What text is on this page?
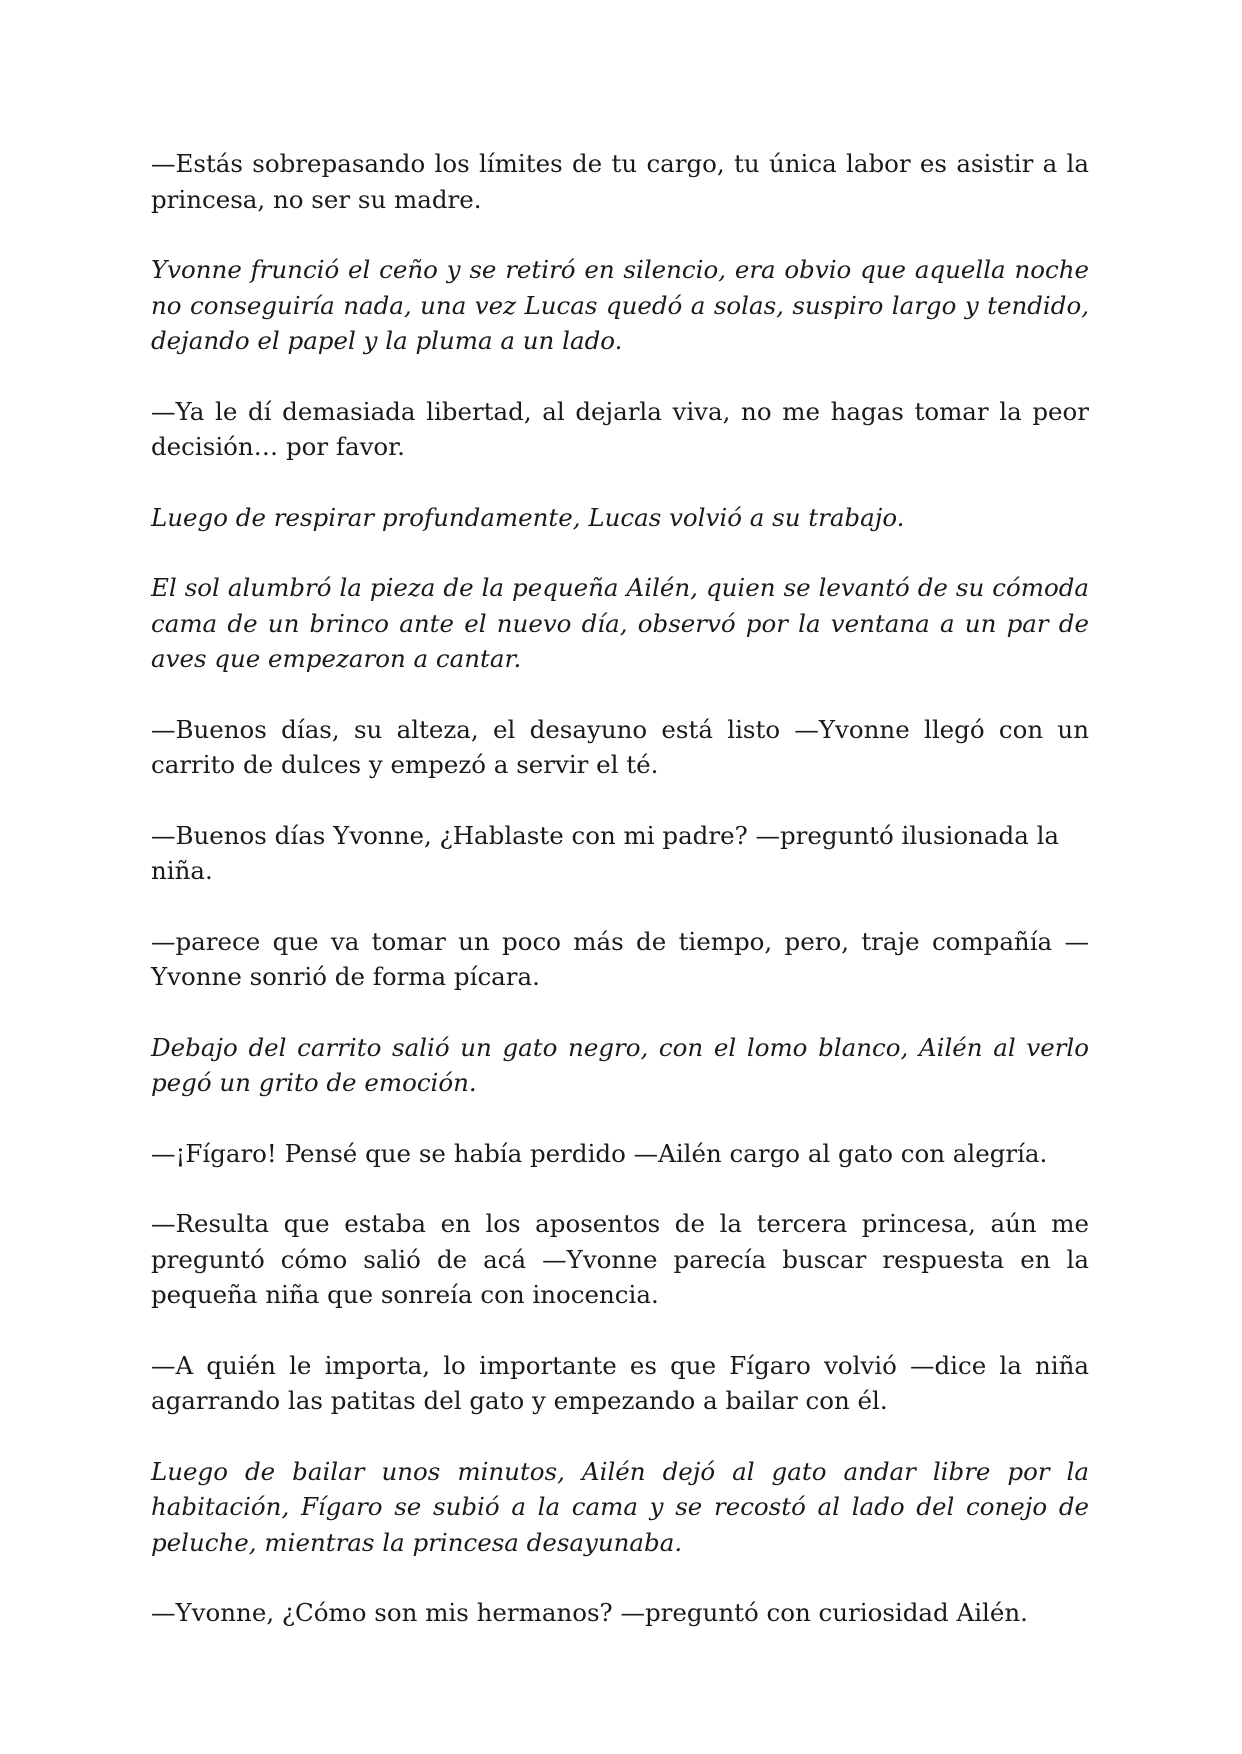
—Estás sobrepasando los límites de tu cargo, tu única labor es asistir a la princesa, no ser su madre.

Yvonne frunció el ceño y se retiró en silencio, era obvio que aquella noche no conseguiría nada, una vez Lucas quedó a solas, suspiro largo y tendido, dejando el papel y la pluma a un lado.

—Ya le dí demasiada libertad, al dejarla viva, no me hagas tomar la peor decisión… por favor.

Luego de respirar profundamente, Lucas volvió a su trabajo.

El sol alumbró la pieza de la pequeña Ailén, quien se levantó de su cómoda cama de un brinco ante el nuevo día, observó por la ventana a un par de aves que empezaron a cantar.

—Buenos días, su alteza, el desayuno está listo —Yvonne llegó con un carrito de dulces y empezó a servir el té.

—Buenos días Yvonne, ¿Hablaste con mi padre? —preguntó ilusionada la niña.

—parece que va tomar un poco más de tiempo, pero, traje compañía —Yvonne sonrió de forma pícara.

Debajo del carrito salió un gato negro, con el lomo blanco, Ailén al verlo pegó un grito de emoción.

—¡Fígaro! Pensé que se había perdido —Ailén cargo al gato con alegría.

—Resulta que estaba en los aposentos de la tercera princesa, aún me preguntó cómo salió de acá —Yvonne parecía buscar respuesta en la pequeña niña que sonreía con inocencia.

—A quién le importa, lo importante es que Fígaro volvió —dice la niña agarrando las patitas del gato y empezando a bailar con él.

Luego de bailar unos minutos, Ailén dejó al gato andar libre por la habitación, Fígaro se subió a la cama y se recostó al lado del conejo de peluche, mientras la princesa desayunaba.

—Yvonne, ¿Cómo son mis hermanos? —preguntó con curiosidad Ailén.
